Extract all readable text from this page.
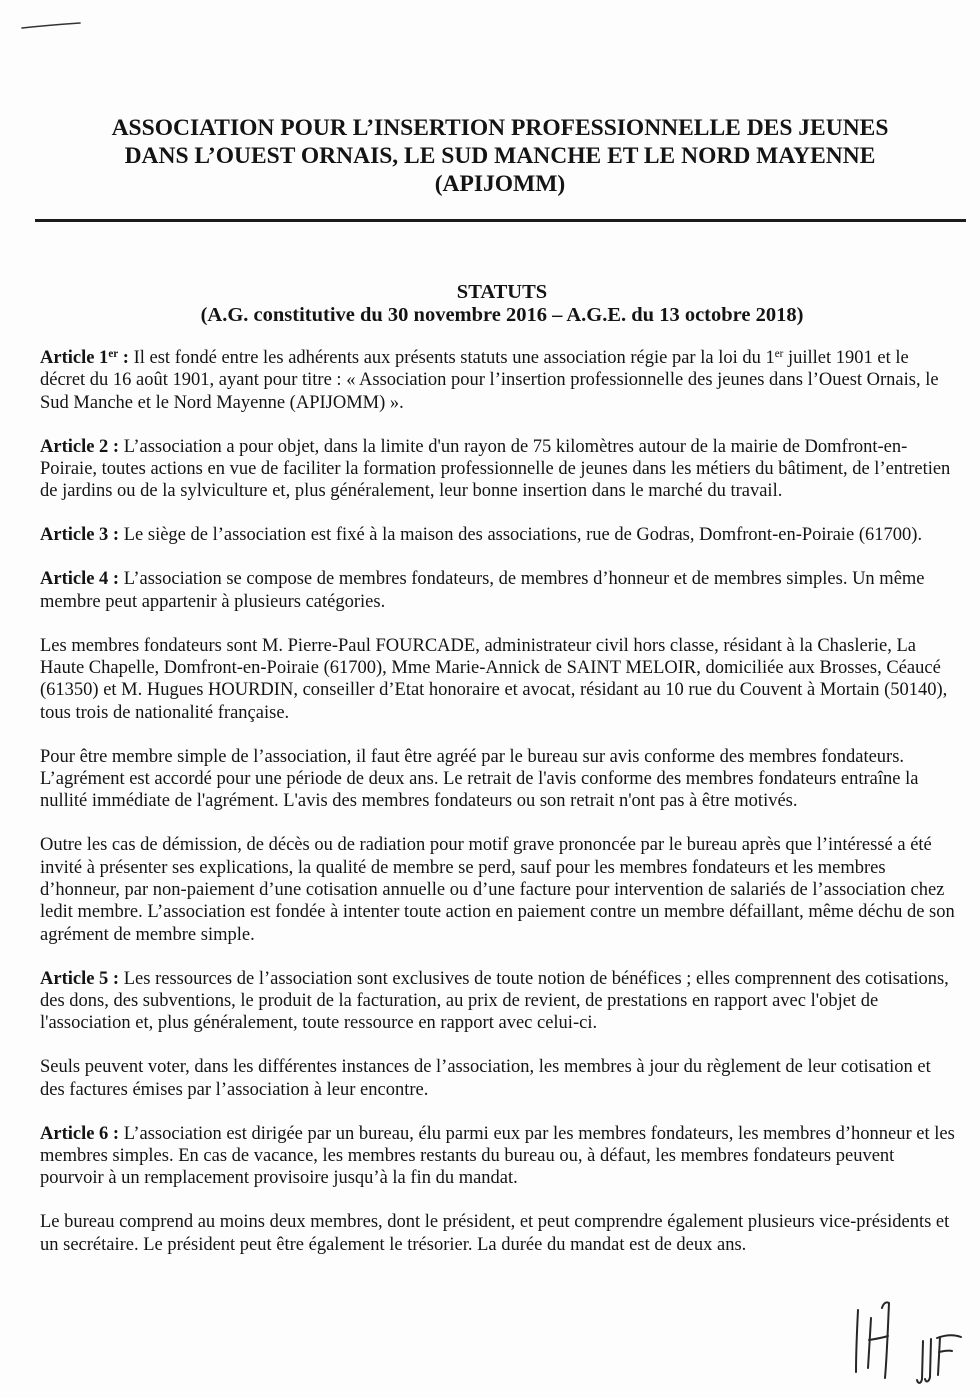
ASSOCIATION POUR L’INSERTION PROFESSIONNELLE DES JEUNES
DANS L’OUEST ORNAIS, LE SUD MANCHE ET LE NORD MAYENNE
(APIJOMM)
STATUTS
(A.G. constitutive du 30 novembre 2016 – A.G.E. du 13 octobre 2018)
Article 1er : Il est fondé entre les adhérents aux présents statuts une association régie par la loi du 1er juillet 1901 et le
décret du 16 août 1901, ayant pour titre : « Association pour l’insertion professionnelle des jeunes dans l’Ouest Ornais, le
Sud Manche et le Nord Mayenne (APIJOMM) ».
Article 2 : L’association a pour objet, dans la limite d'un rayon de 75 kilomètres autour de la mairie de Domfront-en-
Poiraie, toutes actions en vue de faciliter la formation professionnelle de jeunes dans les métiers du bâtiment, de l’entretien
de jardins ou de la sylviculture et, plus généralement, leur bonne insertion dans le marché du travail.
Article 3 : Le siège de l’association est fixé à la maison des associations, rue de Godras, Domfront-en-Poiraie (61700).
Article 4 : L’association se compose de membres fondateurs, de membres d’honneur et de membres simples. Un même
membre peut appartenir à plusieurs catégories.
Les membres fondateurs sont M. Pierre-Paul FOURCADE, administrateur civil hors classe, résidant à la Chaslerie, La
Haute Chapelle, Domfront-en-Poiraie (61700), Mme Marie-Annick de SAINT MELOIR, domiciliée aux Brosses, Céaucé
(61350) et M. Hugues HOURDIN, conseiller d’Etat honoraire et avocat, résidant au 10 rue du Couvent à Mortain (50140),
tous trois de nationalité française.
Pour être membre simple de l’association, il faut être agréé par le bureau sur avis conforme des membres fondateurs.
L’agrément est accordé pour une période de deux ans. Le retrait de l'avis conforme des membres fondateurs entraîne la
nullité immédiate de l'agrément. L'avis des membres fondateurs ou son retrait n'ont pas à être motivés.
Outre les cas de démission, de décès ou de radiation pour motif grave prononcée par le bureau après que l’intéressé a été
invité à présenter ses explications, la qualité de membre se perd, sauf pour les membres fondateurs et les membres
d’honneur, par non-paiement d’une cotisation annuelle ou d’une facture pour intervention de salariés de l’association chez
ledit membre. L’association est fondée à intenter toute action en paiement contre un membre défaillant, même déchu de son
agrément de membre simple.
Article 5 : Les ressources de l’association sont exclusives de toute notion de bénéfices ; elles comprennent des cotisations,
des dons, des subventions, le produit de la facturation, au prix de revient, de prestations en rapport avec l'objet de
l'association et, plus généralement, toute ressource en rapport avec celui-ci.
Seuls peuvent voter, dans les différentes instances de l’association, les membres à jour du règlement de leur cotisation et
des factures émises par l’association à leur encontre.
Article 6 : L’association est dirigée par un bureau, élu parmi eux par les membres fondateurs, les membres d’honneur et les
membres simples. En cas de vacance, les membres restants du bureau ou, à défaut, les membres fondateurs peuvent
pourvoir à un remplacement provisoire jusqu’à la fin du mandat.
Le bureau comprend au moins deux membres, dont le président, et peut comprendre également plusieurs vice-présidents et
un secrétaire. Le président peut être également le trésorier. La durée du mandat est de deux ans.
